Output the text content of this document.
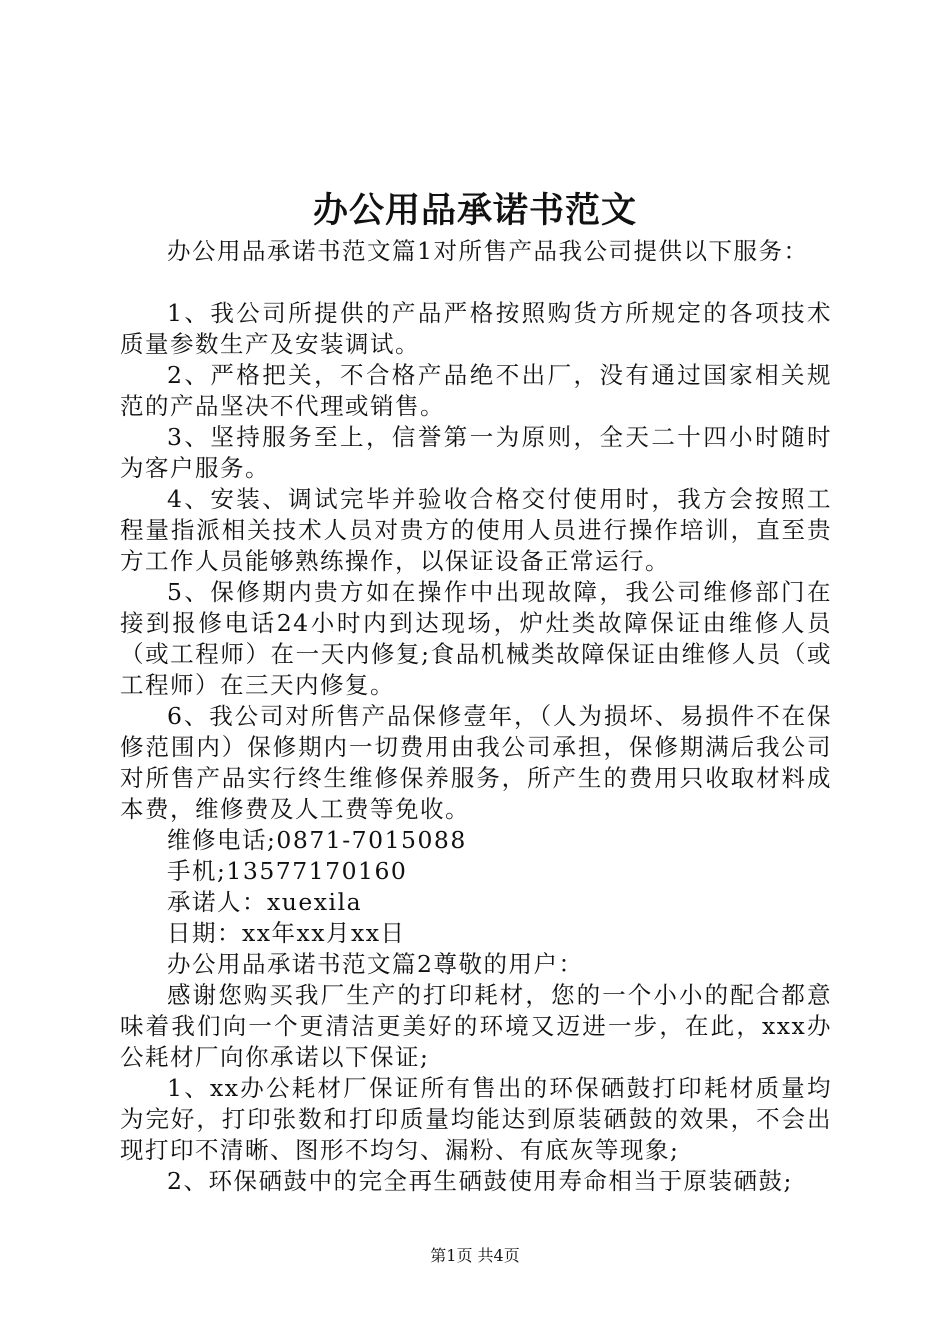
办公用品承诺书范文

办公用品承诺书范文篇1对所售产品我公司提供以下服务：

1、我公司所提供的产品严格按照购货方所规定的各项技术质量参数生产及安装调试。

2、严格把关，不合格产品绝不出厂，没有通过国家相关规范的产品坚决不代理或销售。

3、坚持服务至上，信誉第一为原则，全天二十四小时随时为客户服务。

4、安装、调试完毕并验收合格交付使用时，我方会按照工程量指派相关技术人员对贵方的使用人员进行操作培训，直至贵方工作人员能够熟练操作，以保证设备正常运行。

5、保修期内贵方如在操作中出现故障，我公司维修部门在接到报修电话24小时内到达现场，炉灶类故障保证由维修人员（或工程师）在一天内修复;食品机械类故障保证由维修人员（或工程师）在三天内修复。

6、我公司对所售产品保修壹年，（人为损坏、易损件不在保修范围内）保修期内一切费用由我公司承担，保修期满后我公司对所售产品实行终生维修保养服务，所产生的费用只收取材料成本费，维修费及人工费等免收。

维修电话;0871-7015088

手机;13577170160

承诺人：xuexila

日期：xx年xx月xx日

办公用品承诺书范文篇2尊敬的用户：

感谢您购买我厂生产的打印耗材，您的一个小小的配合都意味着我们向一个更清洁更美好的环境又迈进一步，在此，xxx办公耗材厂向你承诺以下保证;

1、xx办公耗材厂保证所有售出的环保硒鼓打印耗材质量均为完好，打印张数和打印质量均能达到原装硒鼓的效果，不会出现打印不清晰、图形不均匀、漏粉、有底灰等现象;

2、环保硒鼓中的完全再生硒鼓使用寿命相当于原装硒鼓;

第1页 共4页
